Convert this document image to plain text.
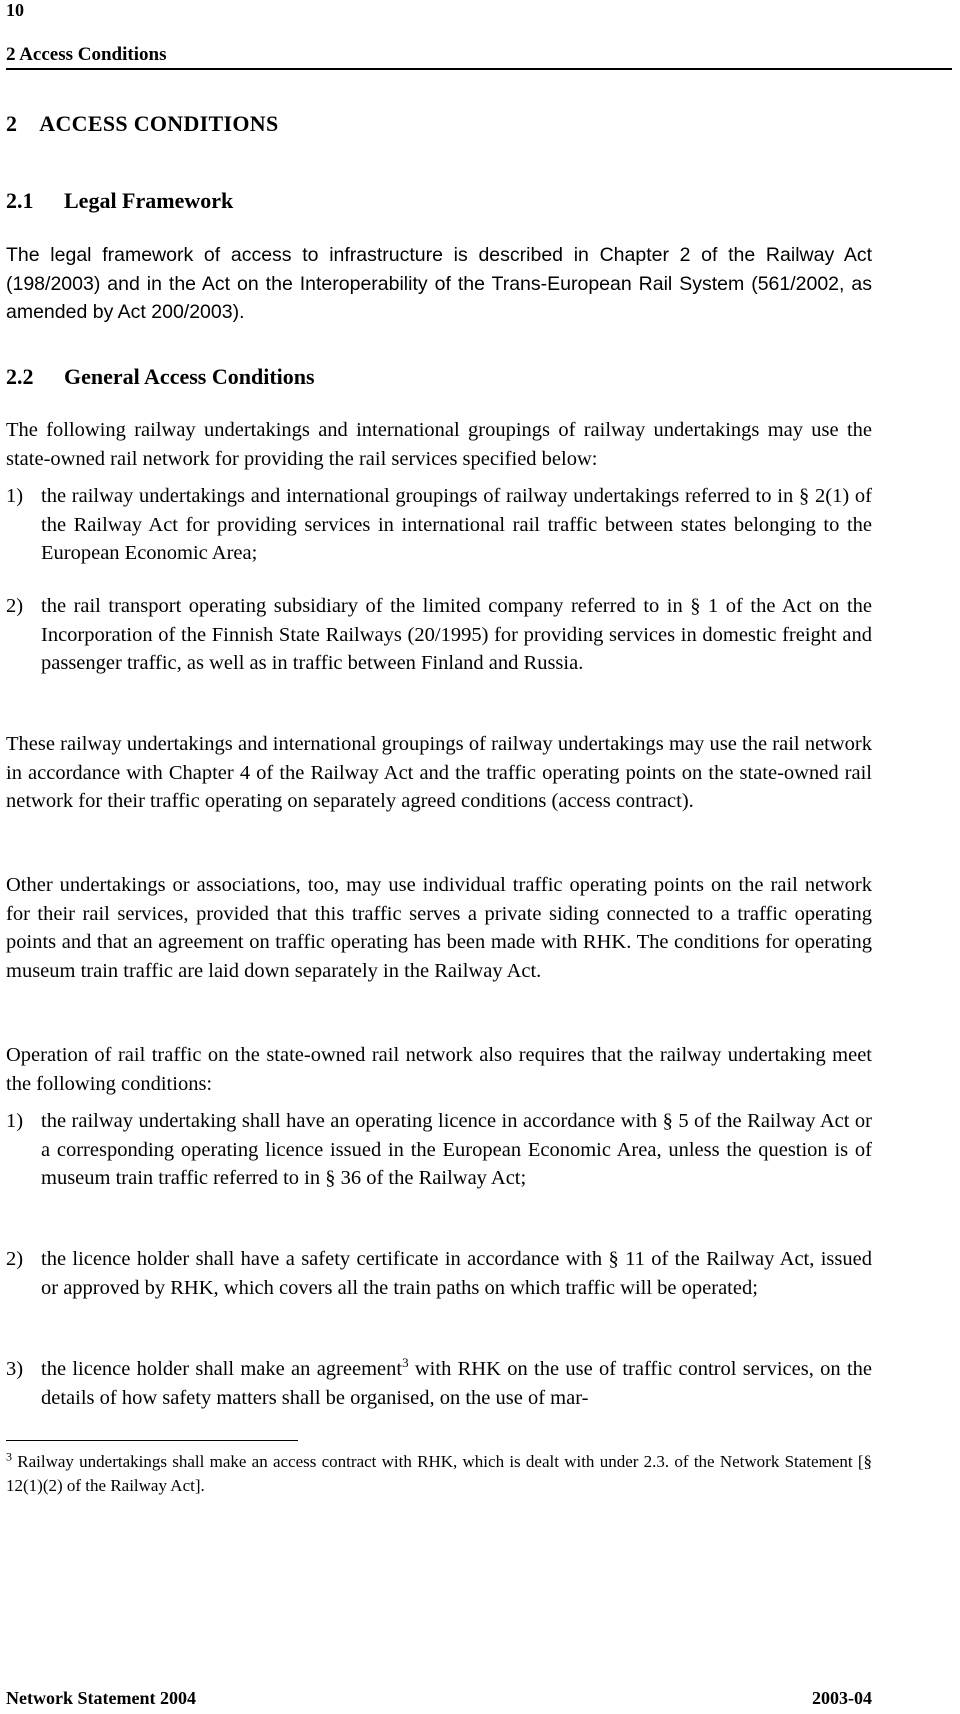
10
2 Access Conditions
2    ACCESS CONDITIONS
2.1 Legal Framework
The legal framework of access to infrastructure is described in Chapter 2 of the Railway Act (198/2003) and in the Act on the Interoperability of the Trans-European Rail System (561/2002, as amended by Act 200/2003).
2.2 General Access Conditions
The following railway undertakings and international groupings of railway undertakings may use the state-owned rail network for providing the rail services specified below:
1) the railway undertakings and international groupings of railway undertakings referred to in § 2(1) of the Railway Act for providing services in international rail traffic between states belonging to the European Economic Area;
2) the rail transport operating subsidiary of the limited company referred to in § 1 of the Act on the Incorporation of the Finnish State Railways (20/1995) for providing services in domestic freight and passenger traffic, as well as in traffic between Finland and Russia.
These railway undertakings and international groupings of railway undertakings may use the rail network in accordance with Chapter 4 of the Railway Act and the traffic operating points on the state-owned rail network for their traffic operating on separately agreed conditions (access contract).
Other undertakings or associations, too, may use individual traffic operating points on the rail network for their rail services, provided that this traffic serves a private siding connected to a traffic operating points and that an agreement on traffic operating has been made with RHK. The conditions for operating museum train traffic are laid down separately in the Railway Act.
Operation of rail traffic on the state-owned rail network also requires that the railway undertaking meet the following conditions:
1) the railway undertaking shall have an operating licence in accordance with § 5 of the Railway Act or a corresponding operating licence issued in the European Economic Area, unless the question is of museum train traffic referred to in § 36 of the Railway Act;
2) the licence holder shall have a safety certificate in accordance with § 11 of the Railway Act, issued or approved by RHK, which covers all the train paths on which traffic will be operated;
3) the licence holder shall make an agreement$^3$ with RHK on the use of traffic control services, on the details of how safety matters shall be organised, on the use of mar-
$^3$ Railway undertakings shall make an access contract with RHK, which is dealt with under 2.3. of the Network Statement [§ 12(1)(2) of the Railway Act].
Network Statement 2004	2003-04
